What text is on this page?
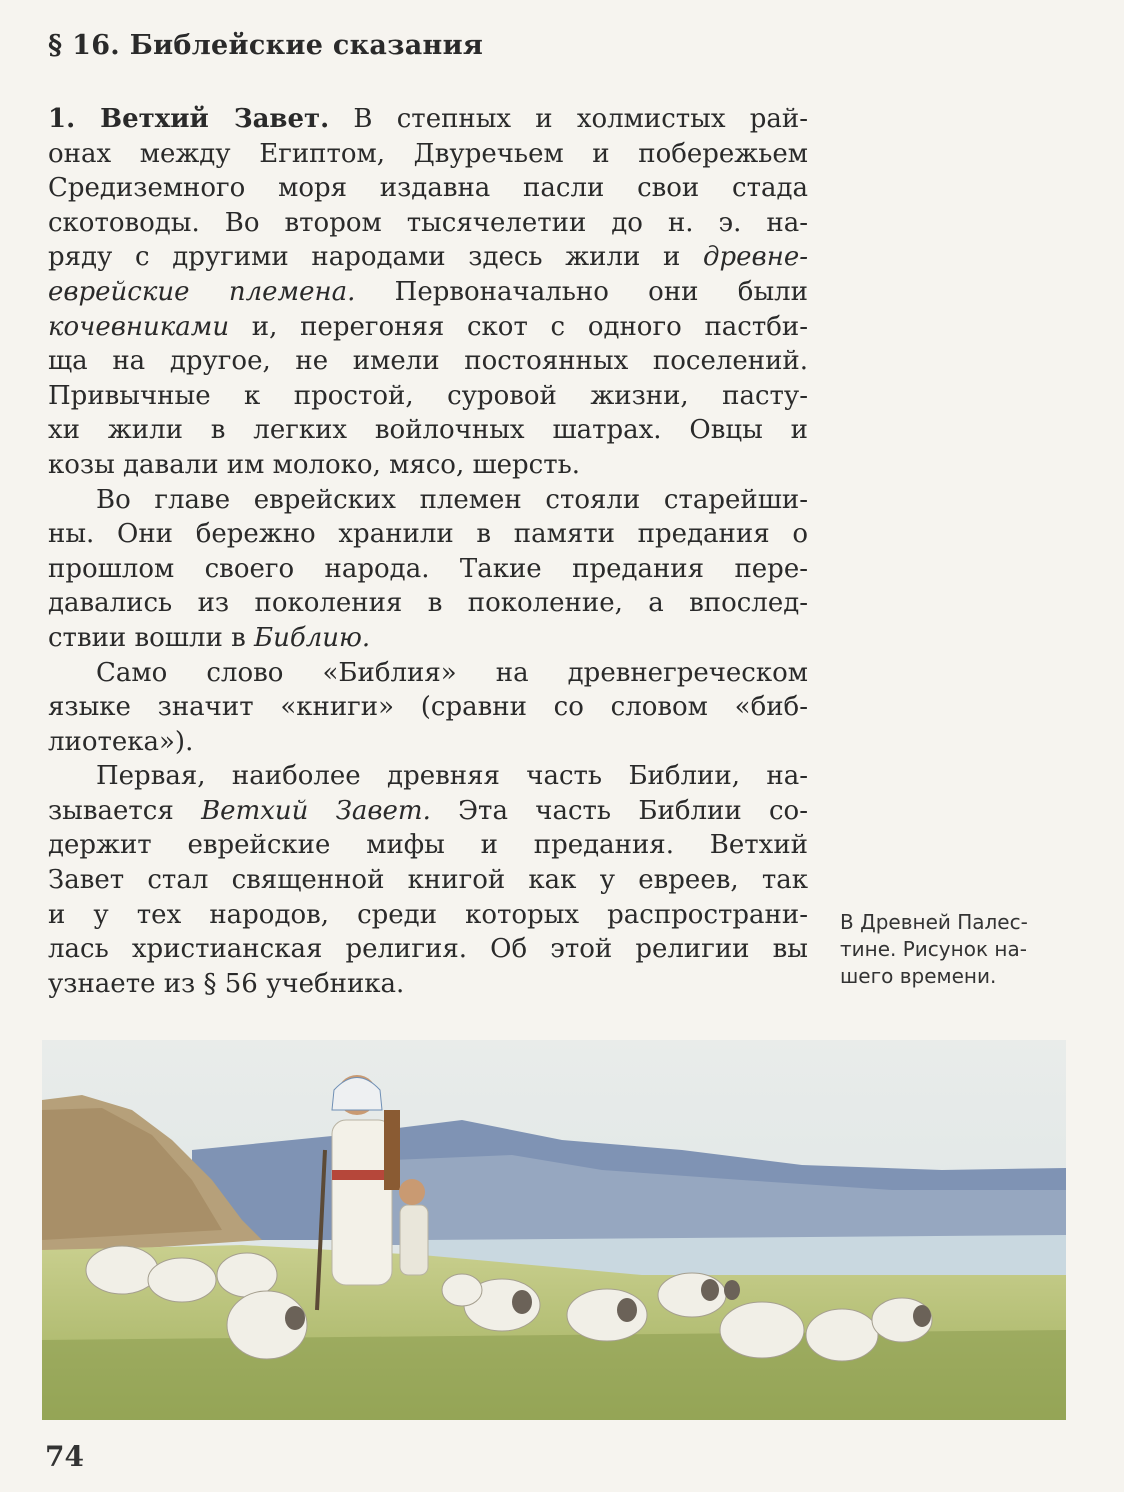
§ 16. Библейские сказания
1. Ветхий Завет. В степных и холмистых рай-
онах между Египтом, Двуречьем и побережьем
Средиземного моря издавна пасли свои стада
скотоводы. Во втором тысячелетии до н. э. на-
ряду с другими народами здесь жили и древне-
еврейские племена. Первоначально они были
кочевниками и, перегоняя скот с одного пастби-
ща на другое, не имели постоянных поселений.
Привычные к простой, суровой жизни, пасту-
хи жили в легких войлочных шатрах. Овцы и
козы давали им молоко, мясо, шерсть.
Во главе еврейских племен стояли старейши-
ны. Они бережно хранили в памяти предания о
прошлом своего народа. Такие предания пере-
давались из поколения в поколение, а впослед-
ствии вошли в Библию.
Само слово «Библия» на древнегреческом
языке значит «книги» (сравни со словом «биб-
лиотека»).
Первая, наиболее древняя часть Библии, на-
зывается Ветхий Завет. Эта часть Библии со-
держит еврейские мифы и предания. Ветхий
Завет стал священной книгой как у евреев, так
и у тех народов, среди которых распространи-
лась христианская религия. Об этой религии вы
узнаете из § 56 учебника.
В Древней Палес-
тине. Рисунок на-
шего времени.
74
